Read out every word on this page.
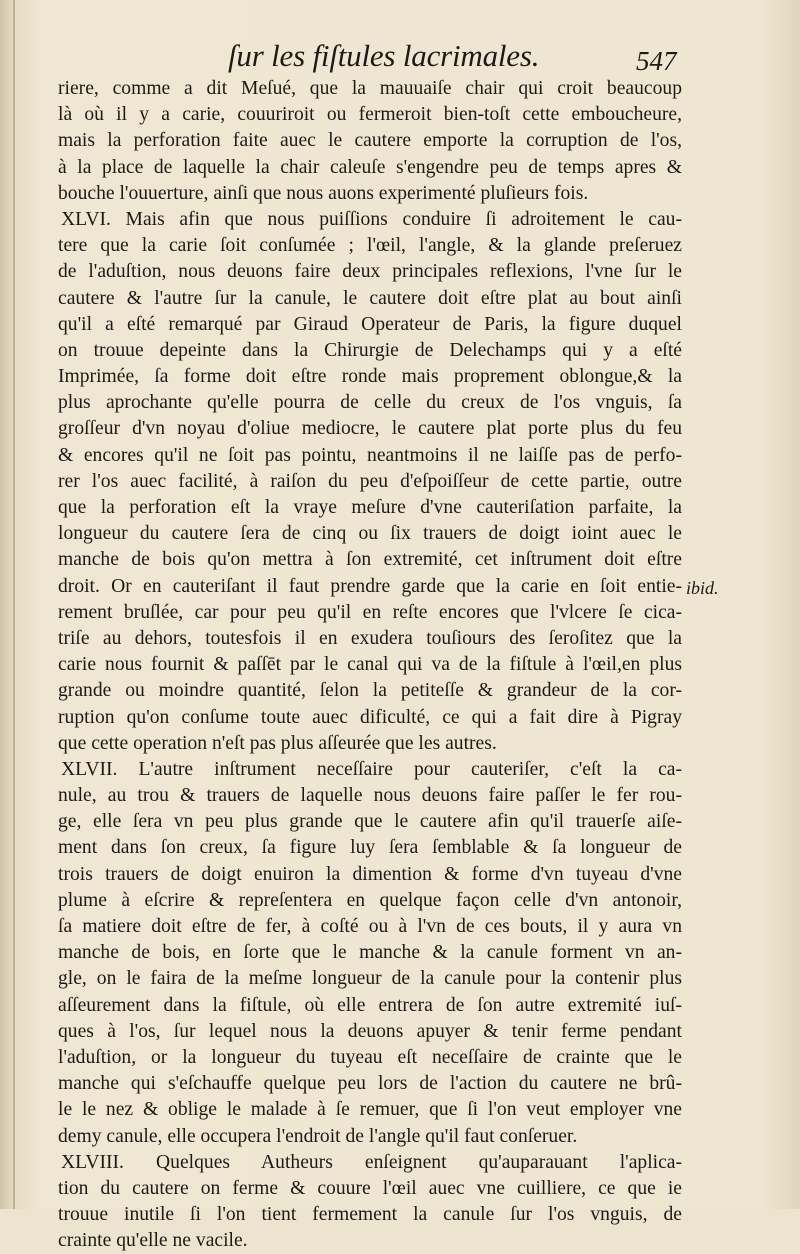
ſur les fiſtules lacrimales.	547
riere, comme a dit Meſué, que la mauuaiſe chair qui croit beaucoup
là où il y a carie, couuriroit ou fermeroit bien-toſt cette emboucheure,
mais la perforation faite auec le cautere emporte la corruption de l'os,
à la place de laquelle la chair caleuſe s'engendre peu de temps apres &
bouche l'ouuerture, ainſi que nous auons experimenté pluſieurs fois.
XLVI. Mais afin que nous puiſſions conduire ſi adroitement le cau-
tere que la carie ſoit conſumée ; l'œil, l'angle, & la glande preſeruez
de l'aduſtion, nous deuons faire deux principales reflexions, l'vne ſur le
cautere & l'autre ſur la canule, le cautere doit eſtre plat au bout ainſi
qu'il a eſté remarqué par Giraud Operateur de Paris, la figure duquel
on trouue depeinte dans la Chirurgie de Delechamps qui y a eſté
Imprimée, ſa forme doit eſtre ronde mais proprement oblongue,& la
plus aprochante qu'elle pourra de celle du creux de l'os vnguis, ſa
groſſeur d'vn noyau d'oliue mediocre, le cautere plat porte plus du feu
& encores qu'il ne ſoit pas pointu, neantmoins il ne laiſſe pas de perfo-
rer l'os auec facilité, à raiſon du peu d'eſpoiſſeur de cette partie, outre
que la perforation eſt la vraye meſure d'vne cauteriſation parfaite, la
longueur du cautere ſera de cinq ou ſix trauers de doigt ioint auec le
manche de bois qu'on mettra à ſon extremité, cet inſtrument doit eſtre
droit. Or en cauteriſant il faut prendre garde que la carie en ſoit entie-
rement bruſlée, car pour peu qu'il en reſte encores que l'vlcere ſe cica-
triſe au dehors, toutesfois il en exudera touſiours des ſeroſitez que la
carie nous fournit & paſſēt par le canal qui va de la fiſtule à l'œil,en plus
grande ou moindre quantité, ſelon la petiteſſe & grandeur de la cor-
ruption qu'on conſume toute auec dificulté, ce qui a fait dire à Pigray
que cette operation n'eſt pas plus aſſeurée que les autres.
XLVII. L'autre inſtrument neceſſaire pour cauteriſer, c'eſt la ca-
nule, au trou & trauers de laquelle nous deuons faire paſſer le fer rou-
ge, elle ſera vn peu plus grande que le cautere afin qu'il trauerſe aiſe-
ment dans ſon creux, ſa figure luy ſera ſemblable & ſa longueur de
trois trauers de doigt enuiron la dimention & forme d'vn tuyeau d'vne
plume à eſcrire & repreſentera en quelque façon celle d'vn antonoir,
ſa matiere doit eſtre de fer, à coſté ou à l'vn de ces bouts, il y aura vn
manche de bois, en ſorte que le manche & la canule forment vn an-
gle, on le faira de la meſme longueur de la canule pour la contenir plus
aſſeurement dans la fiſtule, où elle entrera de ſon autre extremité iuſ-
ques à l'os, ſur lequel nous la deuons apuyer & tenir ferme pendant
l'aduſtion, or la longueur du tuyeau eſt neceſſaire de crainte que le
manche qui s'eſchauffe quelque peu lors de l'action du cautere ne brû-
le le nez & oblige le malade à ſe remuer, que ſi l'on veut employer vne
demy canule, elle occupera l'endroit de l'angle qu'il faut conſeruer.
XLVIII. Quelques Autheurs enſeignent qu'auparauant l'aplica-
tion du cautere on ferme & couure l'œil auec vne cuilliere, ce que ie
trouue inutile ſi l'on tient fermement la canule ſur l'os vnguis, de
crainte qu'elle ne vacile.
ibid.
